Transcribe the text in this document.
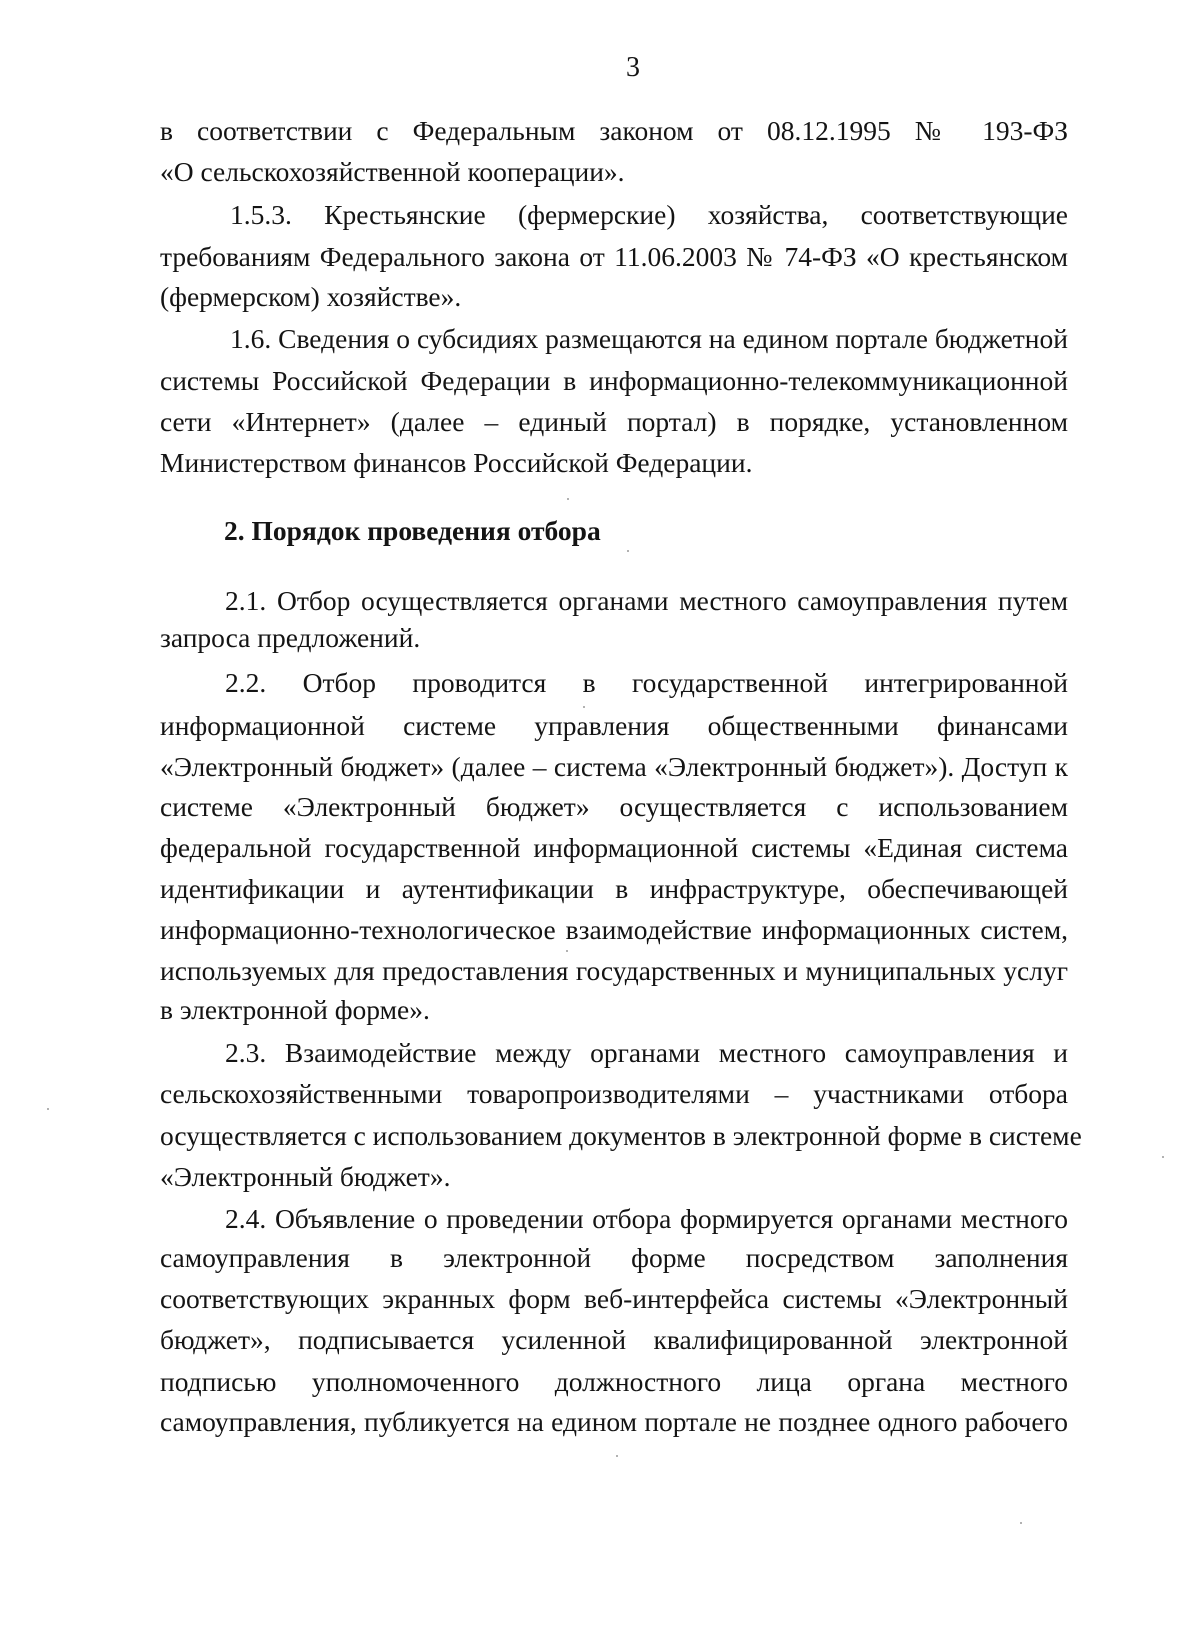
3
в соответствии с Федеральным законом от 08.12.1995 № 193-ФЗ
«О сельскохозяйственной кооперации».
1.5.3. Крестьянские (фермерские) хозяйства, соответствующие
требованиям Федерального закона от 11.06.2003 № 74-ФЗ «О крестьянском
(фермерском) хозяйстве».
1.6. Сведения о субсидиях размещаются на едином портале бюджетной
системы Российской Федерации в информационно-телекоммуникационной
сети «Интернет» (далее – единый портал) в порядке, установленном
Министерством финансов Российской Федерации.
2. Порядок проведения отбора
2.1. Отбор осуществляется органами местного самоуправления путем
запроса предложений.
2.2. Отбор проводится в государственной интегрированной
информационной системе управления общественными финансами
«Электронный бюджет» (далее – система «Электронный бюджет»). Доступ к
системе «Электронный бюджет» осуществляется с использованием
федеральной государственной информационной системы «Единая система
идентификации и аутентификации в инфраструктуре, обеспечивающей
информационно-технологическое взаимодействие информационных систем,
используемых для предоставления государственных и муниципальных услуг
в электронной форме».
2.3. Взаимодействие между органами местного самоуправления и
сельскохозяйственными товаропроизводителями – участниками отбора
осуществляется с использованием документов в электронной форме в системе
«Электронный бюджет».
2.4. Объявление о проведении отбора формируется органами местного
самоуправления в электронной форме посредством заполнения
соответствующих экранных форм веб-интерфейса системы «Электронный
бюджет», подписывается усиленной квалифицированной электронной
подписью уполномоченного должностного лица органа местного
самоуправления, публикуется на едином портале не позднее одного рабочего
